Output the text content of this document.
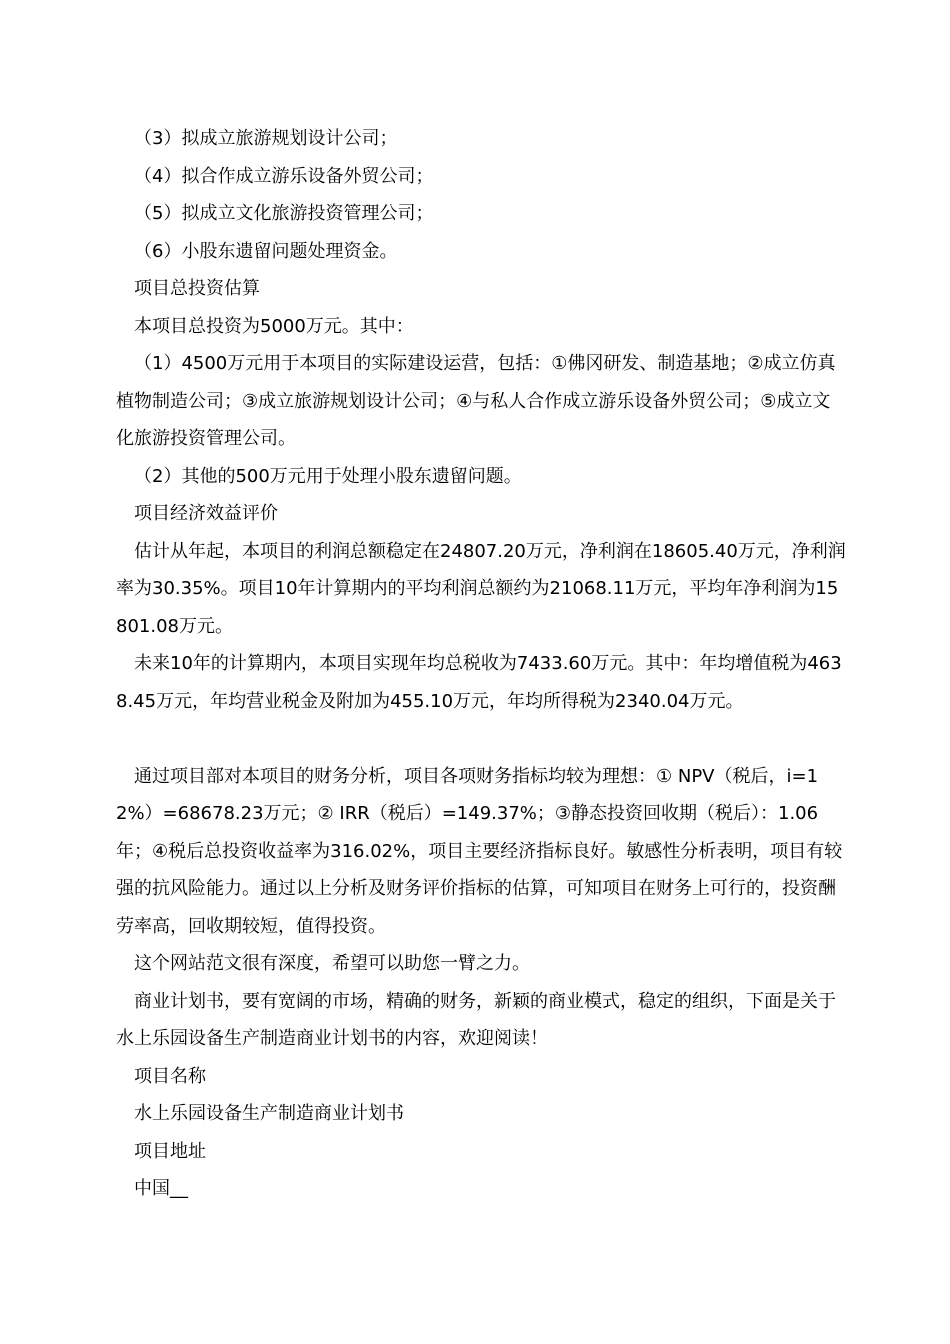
（3）拟成立旅游规划设计公司；

（4）拟合作成立游乐设备外贸公司；

（5）拟成立文化旅游投资管理公司；

（6）小股东遗留问题处理资金。

项目总投资估算

本项目总投资为5000万元。其中：

（1）4500万元用于本项目的实际建设运营，包括：①佛冈研发、制造基地；②成立仿真植物制造公司；③成立旅游规划设计公司；④与私人合作成立游乐设备外贸公司；⑤成立文化旅游投资管理公司。

（2）其他的500万元用于处理小股东遗留问题。

项目经济效益评价

估计从年起，本项目的利润总额稳定在24807.20万元，净利润在18605.40万元，净利润率为30.35%。项目10年计算期内的平均利润总额约为21068.11万元，平均年净利润为15801.08万元。

未来10年的计算期内，本项目实现年均总税收为7433.60万元。其中：年均增值税为4638.45万元，年均营业税金及附加为455.10万元，年均所得税为2340.04万元。

通过项目部对本项目的财务分析，项目各项财务指标均较为理想：① NPV（税后，i=12%）=68678.23万元；② IRR（税后）=149.37%；③静态投资回收期（税后）：1.06年；④税后总投资收益率为316.02%，项目主要经济指标良好。敏感性分析表明，项目有较强的抗风险能力。通过以上分析及财务评价指标的估算，可知项目在财务上可行的，投资酬劳率高，回收期较短，值得投资。

这个网站范文很有深度，希望可以助您一臂之力。

商业计划书，要有宽阔的市场，精确的财务，新颖的商业模式，稳定的组织，下面是关于水上乐园设备生产制造商业计划书的内容，欢迎阅读！

项目名称

水上乐园设备生产制造商业计划书

项目地址

中国__
